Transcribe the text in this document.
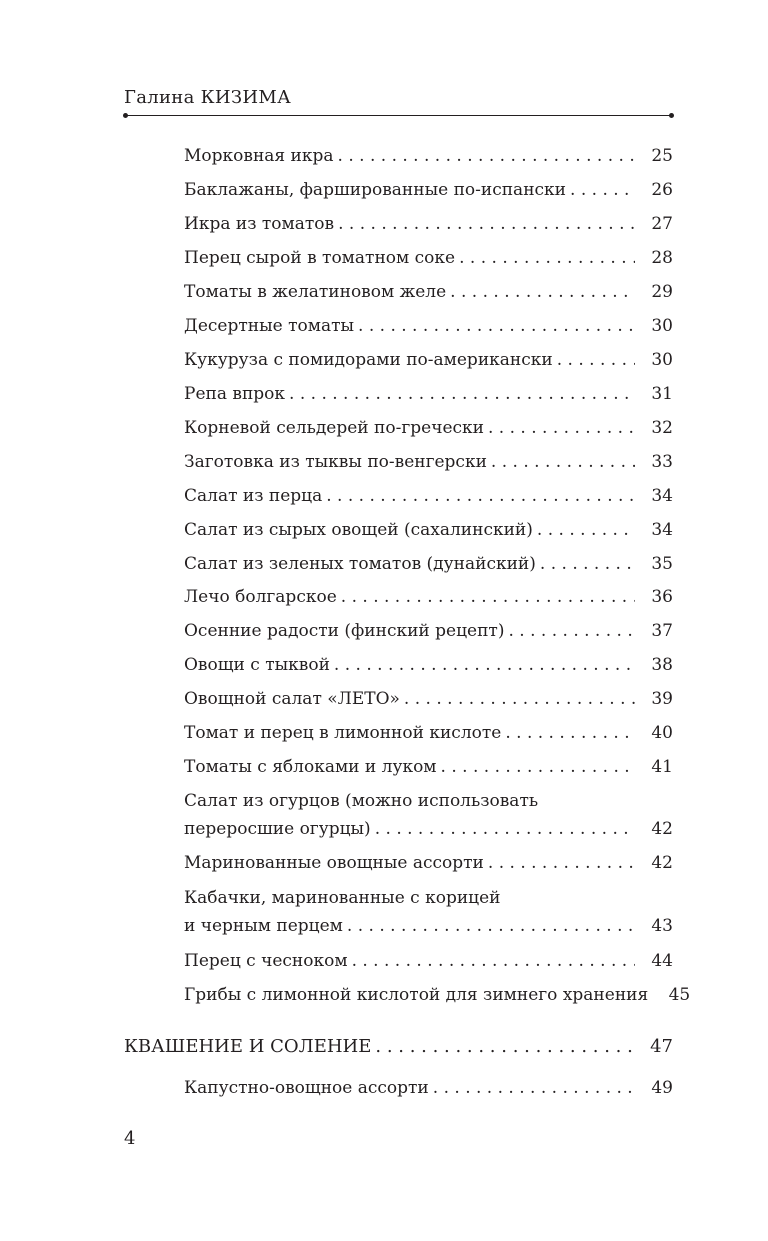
Галина КИЗИМА
Морковная икра . . .	25
Баклажаны, фаршированные по-испански . . .	26
Икра из томатов . . .	27
Перец сырой в томатном соке . . .	28
Томаты в желатиновом желе . . .	29
Десертные томаты . . .	30
Кукуруза с помидорами по-американски . . .	30
Репа впрок . . .	31
Корневой сельдерей по-гречески . . .	32
Заготовка из тыквы по-венгерски . . .	33
Салат из перца . . .	34
Салат из сырых овощей (сахалинский) . . .	34
Салат из зеленых томатов (дунайский) . . .	35
Лечо болгарское . . .	36
Осенние радости (финский рецепт) . . .	37
Овощи с тыквой . . .	38
Овощной салат «ЛЕТО» . . .	39
Томат и перец в лимонной кислоте . . .	40
Томаты с яблоками и луком . . .	41
Салат из огурцов (можно использовать
переросшие огурцы) . . .	42
Маринованные овощные ассорти . . .	42
Кабачки, маринованные с корицей
и черным перцем . . .	43
Перец с чесноком . . .	44
Грибы с лимонной кислотой для зимнего хранения	45
КВАШЕНИЕ И СОЛЕНИЕ . . .	47
Капустно-овощное ассорти . . .	49
4
